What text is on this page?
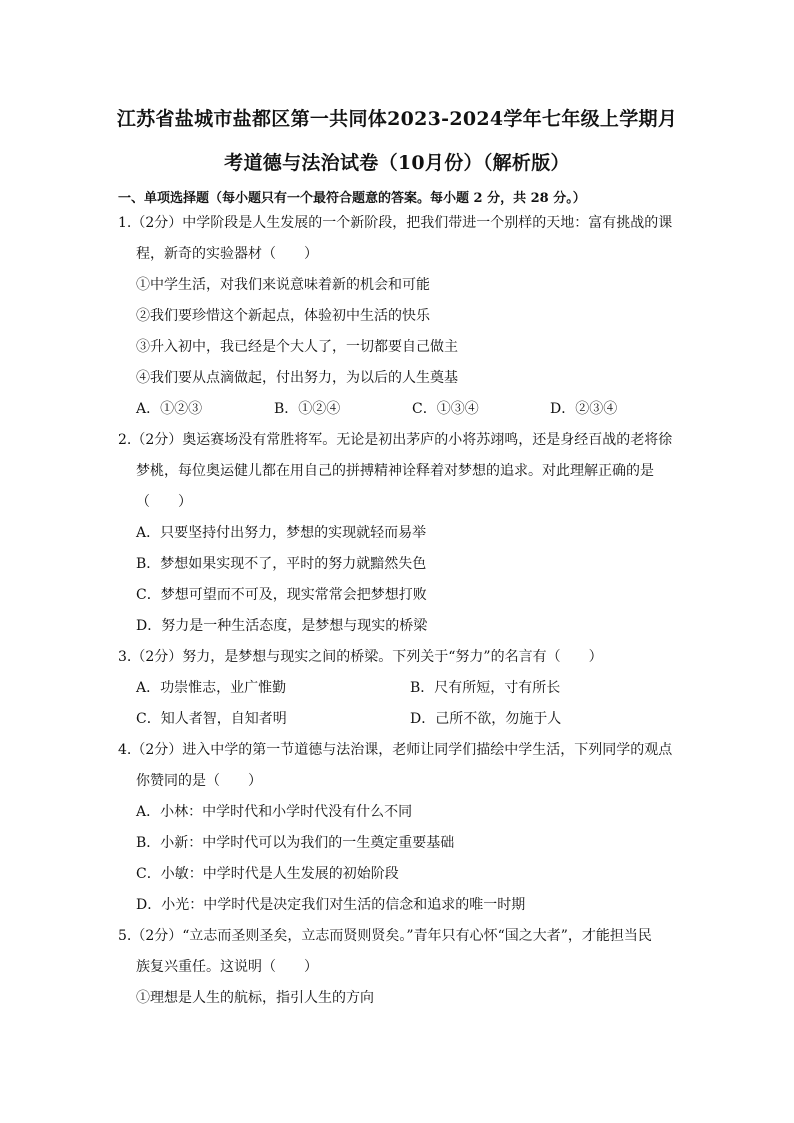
江苏省盐城市盐都区第一共同体2023-2024学年七年级上学期月
考道德与法治试卷（10月份）（解析版）
一、单项选择题（每小题只有一个最符合题意的答案。每小题 2 分，共 28 分。）
1.（2分）中学阶段是人生发展的一个新阶段，把我们带进一个别样的天地：富有挑战的课
程，新奇的实验器材（　　）
①中学生活，对我们来说意味着新的机会和可能
②我们要珍惜这个新起点，体验初中生活的快乐
③升入初中，我已经是个大人了，一切都要自己做主
④我们要从点滴做起，付出努力，为以后的人生奠基
A．①②③	B．①②④	C．①③④	D．②③④
2.（2分）奥运赛场没有常胜将军。无论是初出茅庐的小将苏翊鸣，还是身经百战的老将徐
梦桃，每位奥运健儿都在用自己的拼搏精神诠释着对梦想的追求。对此理解正确的是
（　　）
A．只要坚持付出努力，梦想的实现就轻而易举
B．梦想如果实现不了，平时的努力就黯然失色
C．梦想可望而不可及，现实常常会把梦想打败
D．努力是一种生活态度，是梦想与现实的桥梁
3.（2分）努力，是梦想与现实之间的桥梁。下列关于“努力”的名言有（　　）
A．功崇惟志，业广惟勤	B．尺有所短，寸有所长
C．知人者智，自知者明	D．己所不欲，勿施于人
4.（2分）进入中学的第一节道德与法治课，老师让同学们描绘中学生活，下列同学的观点
你赞同的是（　　）
A．小林：中学时代和小学时代没有什么不同
B．小新：中学时代可以为我们的一生奠定重要基础
C．小敏：中学时代是人生发展的初始阶段
D．小光：中学时代是决定我们对生活的信念和追求的唯一时期
5.（2分）“立志而圣则圣矣，立志而贤则贤矣。”青年只有心怀“国之大者”，才能担当民
族复兴重任。这说明（　　）
①理想是人生的航标，指引人生的方向
